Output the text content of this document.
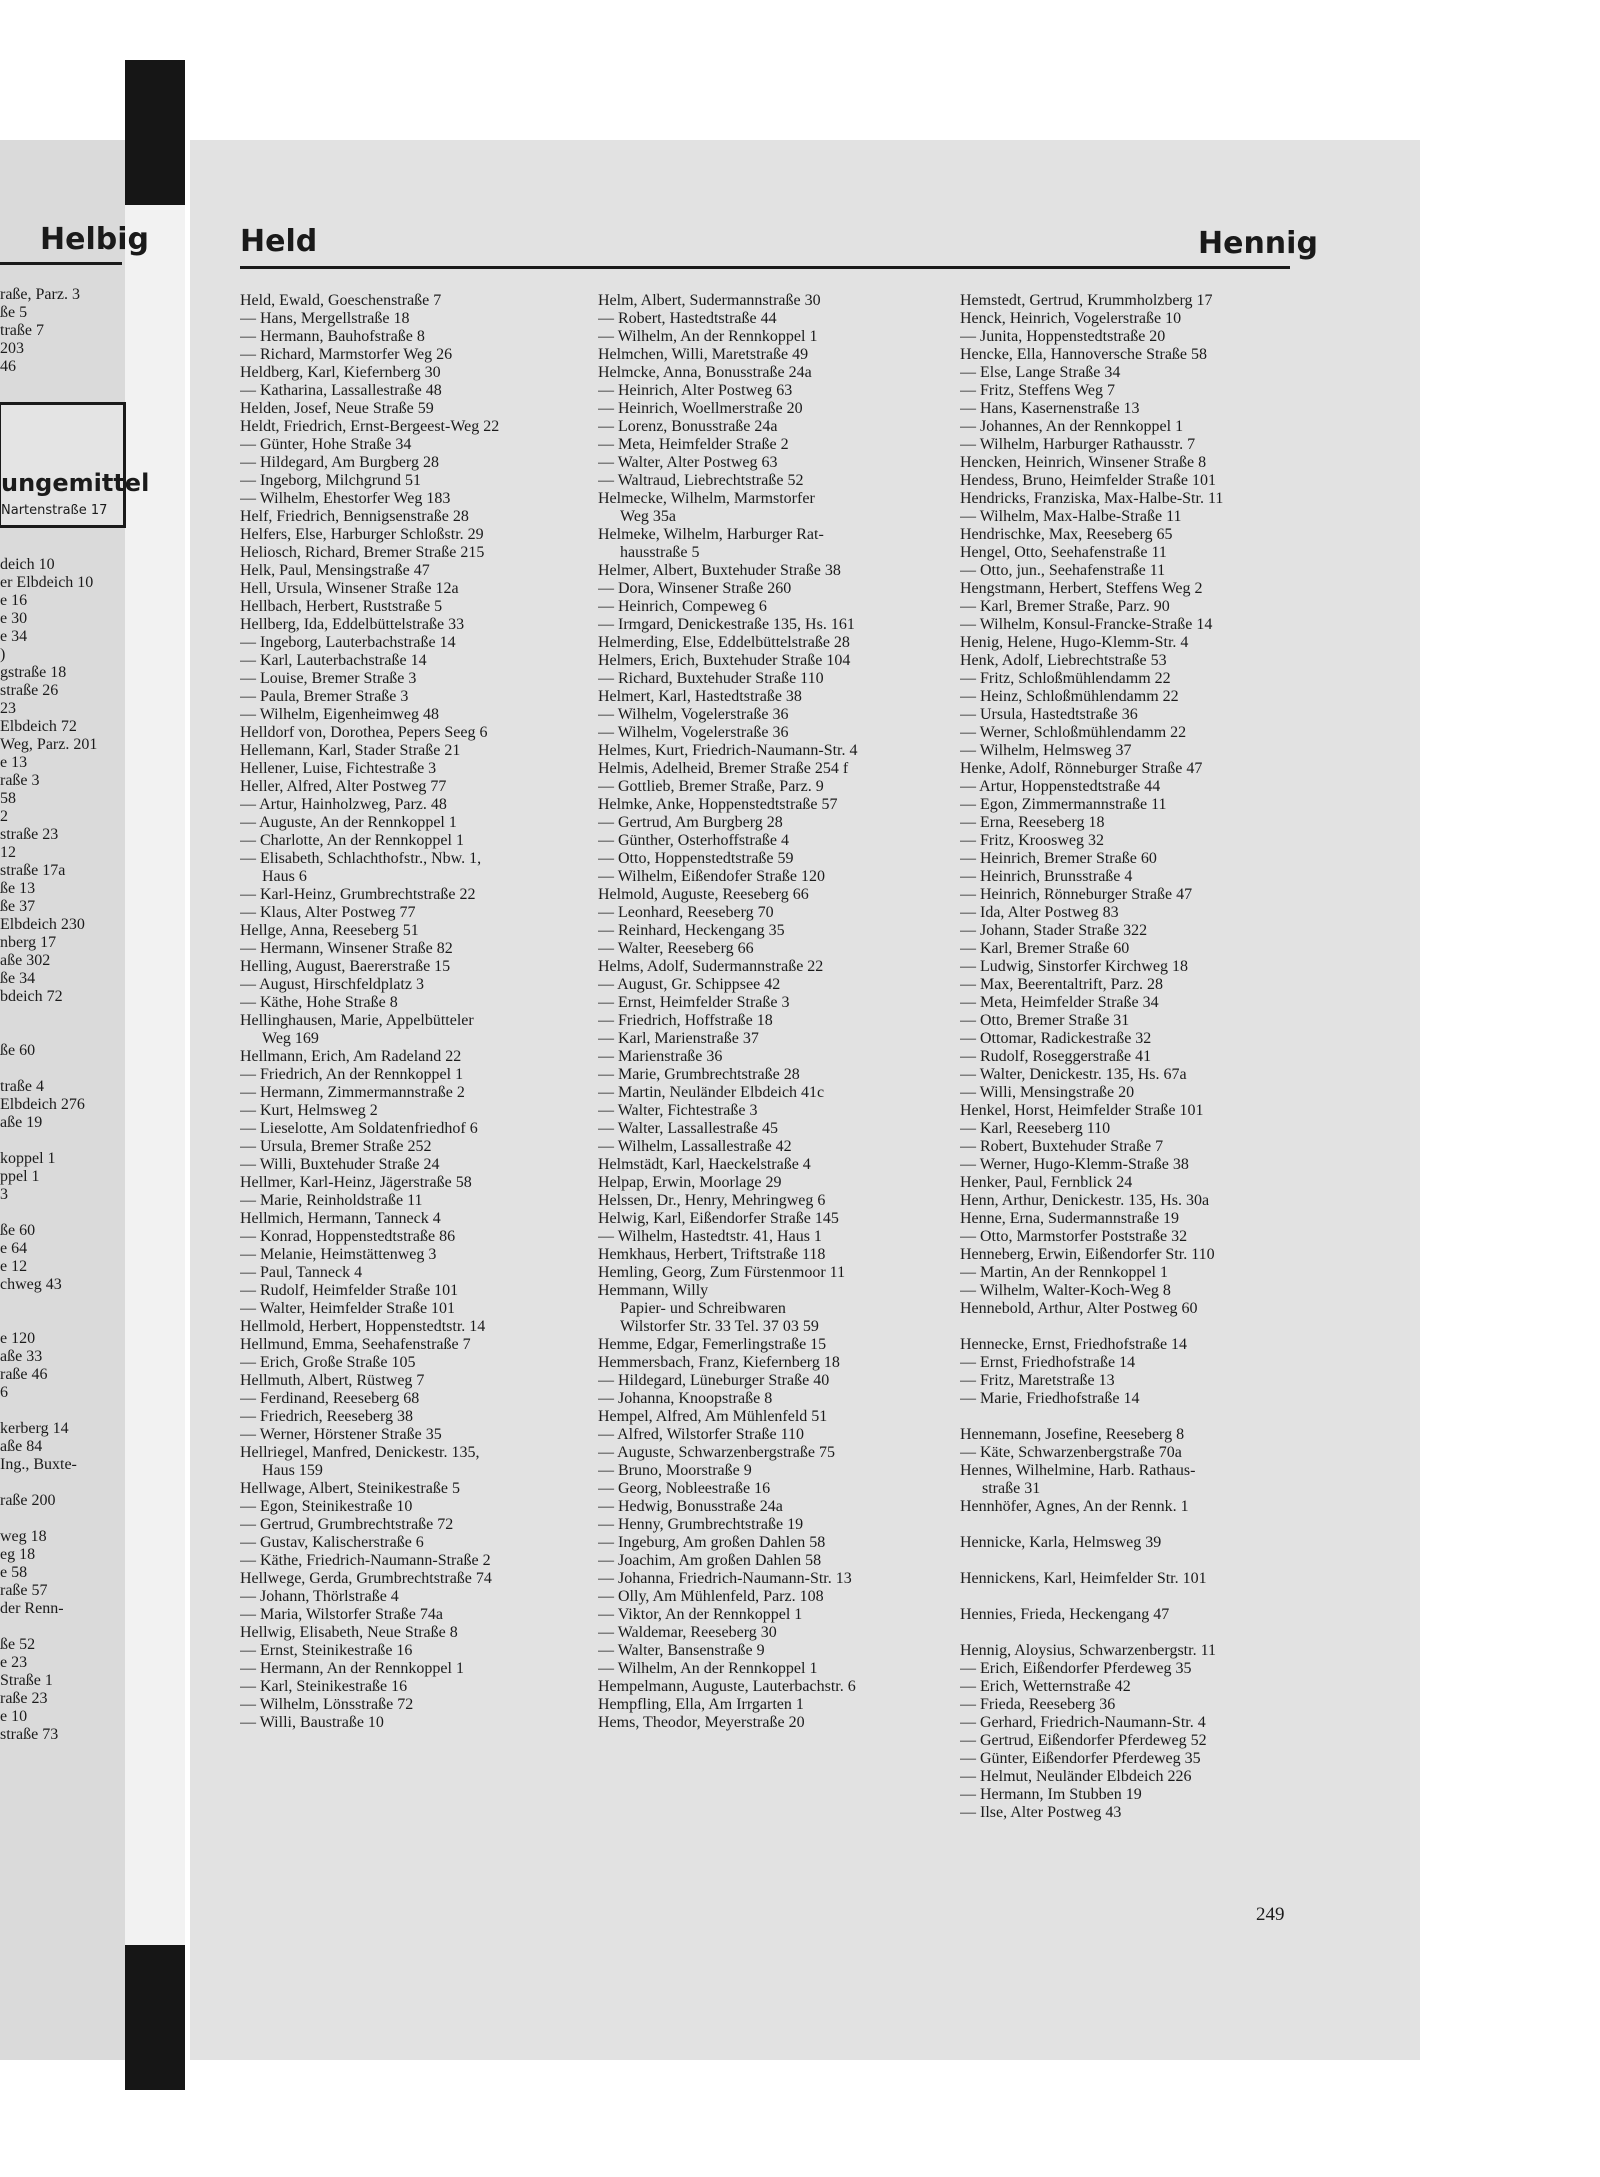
Helbig
raße, Parz. 3
ße 5
traße 7
203
46
ungemittel
Nartenstraße 17
deich 10
er Elbdeich 10
e 16
e 30
e 34
)
gstraße 18
straße 26
23
Elbdeich 72
Weg, Parz. 201
e 13
raße 3
58
2
straße 23
12
straße 17a
ße 13
ße 37
Elbdeich 230
nberg 17
aße 302
ße 34
bdeich 72
ße 60
traße 4
Elbdeich 276
aße 19
koppel 1
ppel 1
3
ße 60
e 64
e 12
chweg 43
e 120
aße 33
raße 46
6
kerberg 14
aße 84
Ing., Buxte-
raße 200
weg 18
eg 18
e 58
raße 57
der Renn-
ße 52
e 23
Straße 1
raße 23
e 10
straße 73
Held	Hennig
Held, Ewald, Goeschenstraße 7
— Hans, Mergellstraße 18
— Hermann, Bauhofstraße 8
— Richard, Marmstorfer Weg 26
Heldberg, Karl, Kiefernberg 30
— Katharina, Lassallestraße 48
Helden, Josef, Neue Straße 59
Heldt, Friedrich, Ernst-Bergeest-Weg 22
— Günter, Hohe Straße 34
— Hildegard, Am Burgberg 28
— Ingeborg, Milchgrund 51
— Wilhelm, Ehestorfer Weg 183
Helf, Friedrich, Bennigsenstraße 28
Helfers, Else, Harburger Schloßstr. 29
Heliosch, Richard, Bremer Straße 215
Helk, Paul, Mensingstraße 47
Hell, Ursula, Winsener Straße 12a
Hellbach, Herbert, Ruststraße 5
Hellberg, Ida, Eddelbüttelstraße 33
— Ingeborg, Lauterbachstraße 14
— Karl, Lauterbachstraße 14
— Louise, Bremer Straße 3
— Paula, Bremer Straße 3
— Wilhelm, Eigenheimweg 48
Helldorf von, Dorothea, Pepers Seeg 6
Hellemann, Karl, Stader Straße 21
Hellener, Luise, Fichtestraße 3
Heller, Alfred, Alter Postweg 77
— Artur, Hainholzweg, Parz. 48
— Auguste, An der Rennkoppel 1
— Charlotte, An der Rennkoppel 1
— Elisabeth, Schlachthofstr., Nbw. 1,
Haus 6
— Karl-Heinz, Grumbrechtstraße 22
— Klaus, Alter Postweg 77
Hellge, Anna, Reeseberg 51
— Hermann, Winsener Straße 82
Helling, August, Baererstraße 15
— August, Hirschfeldplatz 3
— Käthe, Hohe Straße 8
Hellinghausen, Marie, Appelbütteler
Weg 169
Hellmann, Erich, Am Radeland 22
— Friedrich, An der Rennkoppel 1
— Hermann, Zimmermannstraße 2
— Kurt, Helmsweg 2
— Lieselotte, Am Soldatenfriedhof 6
— Ursula, Bremer Straße 252
— Willi, Buxtehuder Straße 24
Hellmer, Karl-Heinz, Jägerstraße 58
— Marie, Reinholdstraße 11
Hellmich, Hermann, Tanneck 4
— Konrad, Hoppenstedtstraße 86
— Melanie, Heimstättenweg 3
— Paul, Tanneck 4
— Rudolf, Heimfelder Straße 101
— Walter, Heimfelder Straße 101
Hellmold, Herbert, Hoppenstedtstr. 14
Hellmund, Emma, Seehafenstraße 7
— Erich, Große Straße 105
Hellmuth, Albert, Rüstweg 7
— Ferdinand, Reeseberg 68
— Friedrich, Reeseberg 38
— Werner, Hörstener Straße 35
Hellriegel, Manfred, Denickestr. 135,
Haus 159
Hellwage, Albert, Steinikestraße 5
— Egon, Steinikestraße 10
— Gertrud, Grumbrechtstraße 72
— Gustav, Kalischerstraße 6
— Käthe, Friedrich-Naumann-Straße 2
Hellwege, Gerda, Grumbrechtstraße 74
— Johann, Thörlstraße 4
— Maria, Wilstorfer Straße 74a
Hellwig, Elisabeth, Neue Straße 8
— Ernst, Steinikestraße 16
— Hermann, An der Rennkoppel 1
— Karl, Steinikestraße 16
— Wilhelm, Lönsstraße 72
— Willi, Baustraße 10
Helm, Albert, Sudermannstraße 30
— Robert, Hastedtstraße 44
— Wilhelm, An der Rennkoppel 1
Helmchen, Willi, Maretstraße 49
Helmcke, Anna, Bonusstraße 24a
— Heinrich, Alter Postweg 63
— Heinrich, Woellmerstraße 20
— Lorenz, Bonusstraße 24a
— Meta, Heimfelder Straße 2
— Walter, Alter Postweg 63
— Waltraud, Liebrechtstraße 52
Helmecke, Wilhelm, Marmstorfer
Weg 35a
Helmeke, Wilhelm, Harburger Rat-
hausstraße 5
Helmer, Albert, Buxtehuder Straße 38
— Dora, Winsener Straße 260
— Heinrich, Compeweg 6
— Irmgard, Denickestraße 135, Hs. 161
Helmerding, Else, Eddelbüttelstraße 28
Helmers, Erich, Buxtehuder Straße 104
— Richard, Buxtehuder Straße 110
Helmert, Karl, Hastedtstraße 38
— Wilhelm, Vogelerstraße 36
— Wilhelm, Vogelerstraße 36
Helmes, Kurt, Friedrich-Naumann-Str. 4
Helmis, Adelheid, Bremer Straße 254 f
— Gottlieb, Bremer Straße, Parz. 9
Helmke, Anke, Hoppenstedtstraße 57
— Gertrud, Am Burgberg 28
— Günther, Osterhoffstraße 4
— Otto, Hoppenstedtstraße 59
— Wilhelm, Eißendofer Straße 120
Helmold, Auguste, Reeseberg 66
— Leonhard, Reeseberg 70
— Reinhard, Heckengang 35
— Walter, Reeseberg 66
Helms, Adolf, Sudermannstraße 22
— August, Gr. Schippsee 42
— Ernst, Heimfelder Straße 3
— Friedrich, Hoffstraße 18
— Karl, Marienstraße 37
— Marienstraße 36
— Marie, Grumbrechtstraße 28
— Martin, Neuländer Elbdeich 41c
— Walter, Fichtestraße 3
— Walter, Lassallestraße 45
— Wilhelm, Lassallestraße 42
Helmstädt, Karl, Haeckelstraße 4
Helpap, Erwin, Moorlage 29
Helssen, Dr., Henry, Mehringweg 6
Helwig, Karl, Eißendorfer Straße 145
— Wilhelm, Hastedtstr. 41, Haus 1
Hemkhaus, Herbert, Triftstraße 118
Hemling, Georg, Zum Fürstenmoor 11
Hemmann, Willy
Papier- und Schreibwaren
Wilstorfer Str. 33 Tel. 37 03 59
Hemme, Edgar, Femerlingstraße 15
Hemmersbach, Franz, Kiefernberg 18
— Hildegard, Lüneburger Straße 40
— Johanna, Knoopstraße 8
Hempel, Alfred, Am Mühlenfeld 51
— Alfred, Wilstorfer Straße 110
— Auguste, Schwarzenbergstraße 75
— Bruno, Moorstraße 9
— Georg, Nobleestraße 16
— Hedwig, Bonusstraße 24a
— Henny, Grumbrechtstraße 19
— Ingeburg, Am großen Dahlen 58
— Joachim, Am großen Dahlen 58
— Johanna, Friedrich-Naumann-Str. 13
— Olly, Am Mühlenfeld, Parz. 108
— Viktor, An der Rennkoppel 1
— Waldemar, Reeseberg 30
— Walter, Bansenstraße 9
— Wilhelm, An der Rennkoppel 1
Hempelmann, Auguste, Lauterbachstr. 6
Hempfling, Ella, Am Irrgarten 1
Hems, Theodor, Meyerstraße 20
Hemstedt, Gertrud, Krummholzberg 17
Henck, Heinrich, Vogelerstraße 10
— Junita, Hoppenstedtstraße 20
Hencke, Ella, Hannoversche Straße 58
— Else, Lange Straße 34
— Fritz, Steffens Weg 7
— Hans, Kasernenstraße 13
— Johannes, An der Rennkoppel 1
— Wilhelm, Harburger Rathausstr. 7
Hencken, Heinrich, Winsener Straße 8
Hendess, Bruno, Heimfelder Straße 101
Hendricks, Franziska, Max-Halbe-Str. 11
— Wilhelm, Max-Halbe-Straße 11
Hendrischke, Max, Reeseberg 65
Hengel, Otto, Seehafenstraße 11
— Otto, jun., Seehafenstraße 11
Hengstmann, Herbert, Steffens Weg 2
— Karl, Bremer Straße, Parz. 90
— Wilhelm, Konsul-Francke-Straße 14
Henig, Helene, Hugo-Klemm-Str. 4
Henk, Adolf, Liebrechtstraße 53
— Fritz, Schloßmühlendamm 22
— Heinz, Schloßmühlendamm 22
— Ursula, Hastedtstraße 36
— Werner, Schloßmühlendamm 22
— Wilhelm, Helmsweg 37
Henke, Adolf, Rönneburger Straße 47
— Artur, Hoppenstedtstraße 44
— Egon, Zimmermannstraße 11
— Erna, Reeseberg 18
— Fritz, Kroosweg 32
— Heinrich, Bremer Straße 60
— Heinrich, Brunsstraße 4
— Heinrich, Rönneburger Straße 47
— Ida, Alter Postweg 83
— Johann, Stader Straße 322
— Karl, Bremer Straße 60
— Ludwig, Sinstorfer Kirchweg 18
— Max, Beerentaltrift, Parz. 28
— Meta, Heimfelder Straße 34
— Otto, Bremer Straße 31
— Ottomar, Radickestraße 32
— Rudolf, Roseggerstraße 41
— Walter, Denickestr. 135, Hs. 67a
— Willi, Mensingstraße 20
Henkel, Horst, Heimfelder Straße 101
— Karl, Reeseberg 110
— Robert, Buxtehuder Straße 7
— Werner, Hugo-Klemm-Straße 38
Henker, Paul, Fernblick 24
Henn, Arthur, Denickestr. 135, Hs. 30a
Henne, Erna, Sudermannstraße 19
— Otto, Marmstorfer Poststraße 32
Henneberg, Erwin, Eißendorfer Str. 110
— Martin, An der Rennkoppel 1
— Wilhelm, Walter-Koch-Weg 8
Hennebold, Arthur, Alter Postweg 60
Hennecke, Ernst, Friedhofstraße 14
— Ernst, Friedhofstraße 14
— Fritz, Maretstraße 13
— Marie, Friedhofstraße 14
Hennemann, Josefine, Reeseberg 8
— Käte, Schwarzenbergstraße 70a
Hennes, Wilhelmine, Harb. Rathaus-
straße 31
Hennhöfer, Agnes, An der Rennk. 1
Hennicke, Karla, Helmsweg 39
Hennickens, Karl, Heimfelder Str. 101
Hennies, Frieda, Heckengang 47
Hennig, Aloysius, Schwarzenbergstr. 11
— Erich, Eißendorfer Pferdeweg 35
— Erich, Wetternstraße 42
— Frieda, Reeseberg 36
— Gerhard, Friedrich-Naumann-Str. 4
— Gertrud, Eißendorfer Pferdeweg 52
— Günter, Eißendorfer Pferdeweg 35
— Helmut, Neuländer Elbdeich 226
— Hermann, Im Stubben 19
— Ilse, Alter Postweg 43
249
